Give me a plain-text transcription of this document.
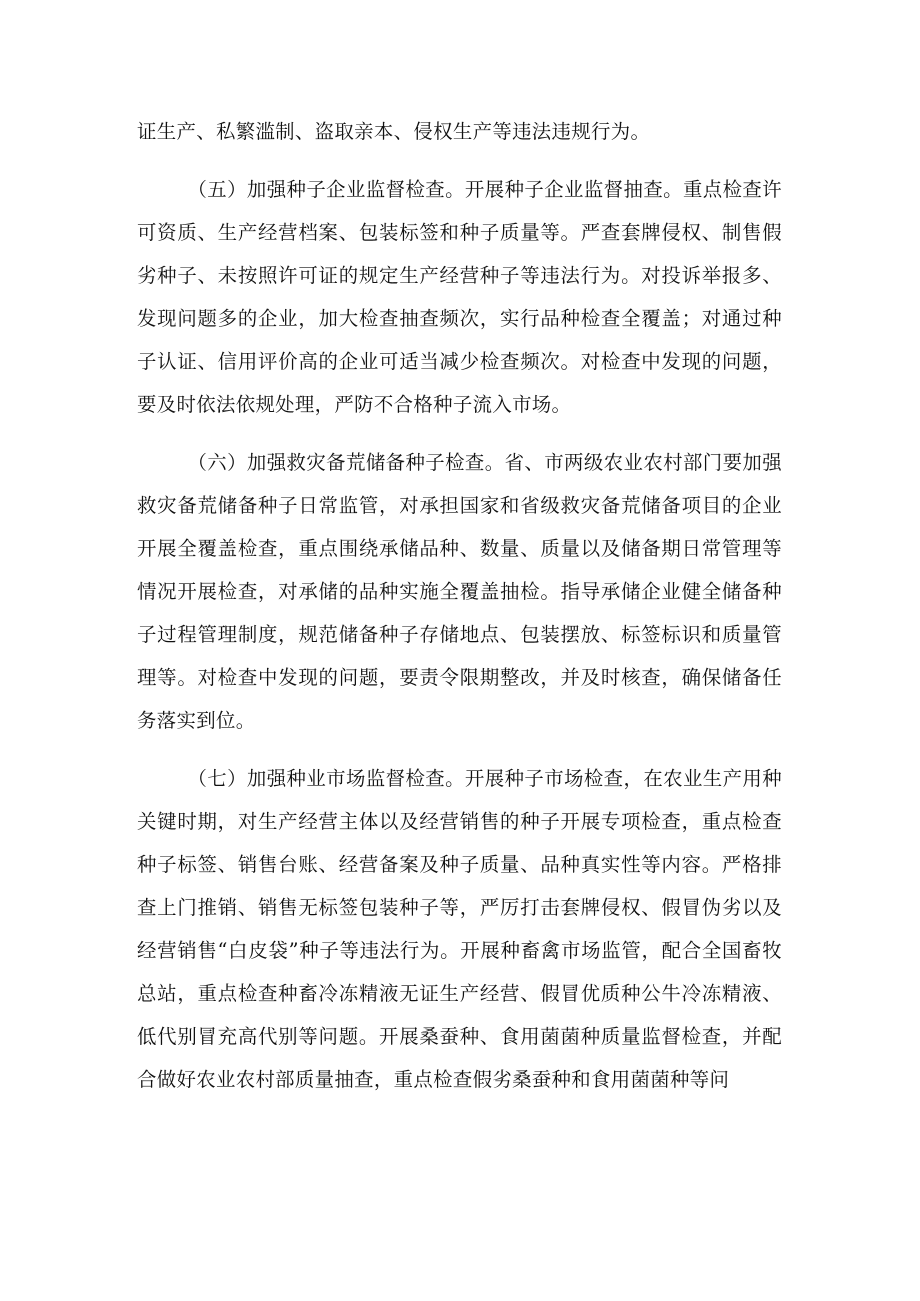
证生产、私繁滥制、盗取亲本、侵权生产等违法违规行为。

（五）加强种子企业监督检查。开展种子企业监督抽查。重点检查许可资质、生产经营档案、包装标签和种子质量等。严查套牌侵权、制售假劣种子、未按照许可证的规定生产经营种子等违法行为。对投诉举报多、发现问题多的企业，加大检查抽查频次，实行品种检查全覆盖；对通过种子认证、信用评价高的企业可适当减少检查频次。对检查中发现的问题，要及时依法依规处理，严防不合格种子流入市场。

（六）加强救灾备荒储备种子检查。省、市两级农业农村部门要加强救灾备荒储备种子日常监管，对承担国家和省级救灾备荒储备项目的企业开展全覆盖检查，重点围绕承储品种、数量、质量以及储备期日常管理等情况开展检查，对承储的品种实施全覆盖抽检。指导承储企业健全储备种子过程管理制度，规范储备种子存储地点、包装摆放、标签标识和质量管理等。对检查中发现的问题，要责令限期整改，并及时核查，确保储备任务落实到位。

（七）加强种业市场监督检查。开展种子市场检查，在农业生产用种关键时期，对生产经营主体以及经营销售的种子开展专项检查，重点检查种子标签、销售台账、经营备案及种子质量、品种真实性等内容。严格排查上门推销、销售无标签包装种子等，严厉打击套牌侵权、假冒伪劣以及经营销售“白皮袋”种子等违法行为。开展种畜禽市场监管，配合全国畜牧总站，重点检查种畜冷冻精液无证生产经营、假冒优质种公牛冷冻精液、低代别冒充高代别等问题。开展桑蚕种、食用菌菌种质量监督检查，并配合做好农业农村部质量抽查，重点检查假劣桑蚕种和食用菌菌种等问
